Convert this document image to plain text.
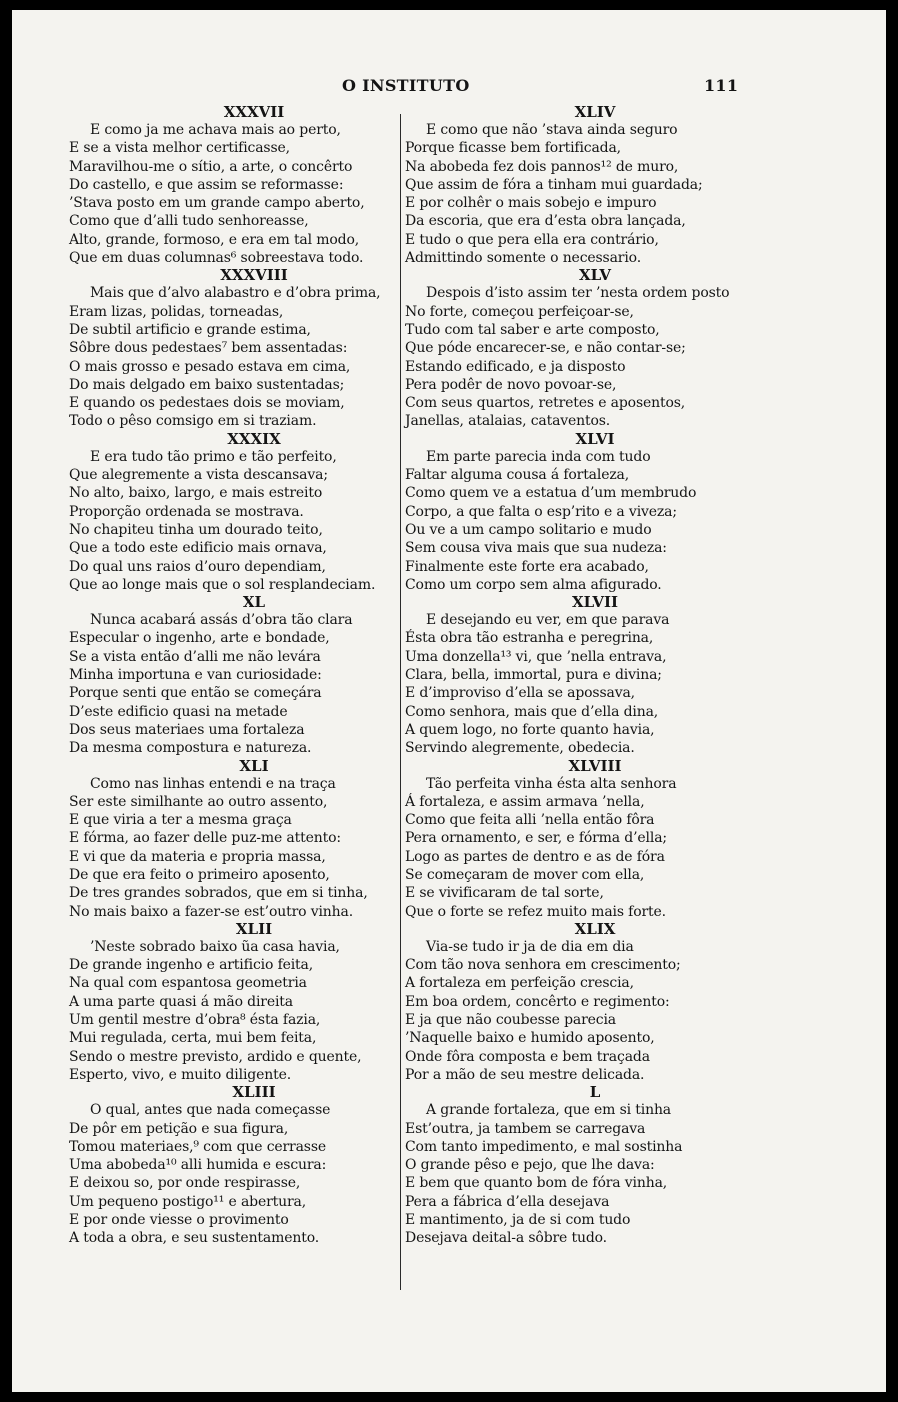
O INSTITUTO	111
XXXVII
E como ja me achava mais ao perto,
E se a vista melhor certificasse,
Maravilhou-me o sítio, a arte, o concêrto
Do castello, e que assim se reformasse:
’Stava posto em um grande campo aberto,
Como que d’alli tudo senhoreasse,
Alto, grande, formoso, e era em tal modo,
Que em duas columnas⁶ sobreestava todo.
XXXVIII
Mais que d’alvo alabastro e d’obra prima,
Eram lizas, polidas, torneadas,
De subtil artificio e grande estima,
Sôbre dous pedestaes⁷ bem assentadas:
O mais grosso e pesado estava em cima,
Do mais delgado em baixo sustentadas;
E quando os pedestaes dois se moviam,
Todo o pêso comsigo em si traziam.
XXXIX
E era tudo tão primo e tão perfeito,
Que alegremente a vista descansava;
No alto, baixo, largo, e mais estreito
Proporção ordenada se mostrava.
No chapiteu tinha um dourado teito,
Que a todo este edificio mais ornava,
Do qual uns raios d’ouro dependiam,
Que ao longe mais que o sol resplandeciam.
XL
Nunca acabará assás d’obra tão clara
Especular o ingenho, arte e bondade,
Se a vista então d’alli me não levára
Minha importuna e van curiosidade:
Porque senti que então se começára
D’este edificio quasi na metade
Dos seus materiaes uma fortaleza
Da mesma compostura e natureza.
XLI
Como nas linhas entendi e na traça
Ser este similhante ao outro assento,
E que viria a ter a mesma graça
E fórma, ao fazer delle puz-me attento:
E vi que da materia e propria massa,
De que era feito o primeiro aposento,
De tres grandes sobrados, que em si tinha,
No mais baixo a fazer-se est’outro vinha.
XLII
’Neste sobrado baixo ũa casa havia,
De grande ingenho e artificio feita,
Na qual com espantosa geometria
A uma parte quasi á mão direita
Um gentil mestre d’obra⁸ ésta fazia,
Mui regulada, certa, mui bem feita,
Sendo o mestre previsto, ardido e quente,
Esperto, vivo, e muito diligente.
XLIII
O qual, antes que nada começasse
De pôr em petição e sua figura,
Tomou materiaes,⁹ com que cerrasse
Uma abobeda¹⁰ alli humida e escura:
E deixou so, por onde respirasse,
Um pequeno postigo¹¹ e abertura,
E por onde viesse o provimento
A toda a obra, e seu sustentamento.
XLIV
E como que não ’stava ainda seguro
Porque ficasse bem fortificada,
Na abobeda fez dois pannos¹² de muro,
Que assim de fóra a tinham mui guardada;
E por colhêr o mais sobejo e impuro
Da escoria, que era d’esta obra lançada,
E tudo o que pera ella era contrário,
Admittindo somente o necessario.
XLV
Despois d’isto assim ter ’nesta ordem posto
No forte, começou perfeiçoar-se,
Tudo com tal saber e arte composto,
Que póde encarecer-se, e não contar-se;
Estando edificado, e ja disposto
Pera podêr de novo povoar-se,
Com seus quartos, retretes e aposentos,
Janellas, atalaias, cataventos.
XLVI
Em parte parecia inda com tudo
Faltar alguma cousa á fortaleza,
Como quem ve a estatua d’um membrudo
Corpo, a que falta o esp’rito e a viveza;
Ou ve a um campo solitario e mudo
Sem cousa viva mais que sua nudeza:
Finalmente este forte era acabado,
Como um corpo sem alma afigurado.
XLVII
E desejando eu ver, em que parava
Ésta obra tão estranha e peregrina,
Uma donzella¹³ vi, que ’nella entrava,
Clara, bella, immortal, pura e divina;
E d’improviso d’ella se apossava,
Como senhora, mais que d’ella dina,
A quem logo, no forte quanto havia,
Servindo alegremente, obedecia.
XLVIII
Tão perfeita vinha ésta alta senhora
Á fortaleza, e assim armava ’nella,
Como que feita alli ’nella então fôra
Pera ornamento, e ser, e fórma d’ella;
Logo as partes de dentro e as de fóra
Se começaram de mover com ella,
E se vivificaram de tal sorte,
Que o forte se refez muito mais forte.
XLIX
Via-se tudo ir ja de dia em dia
Com tão nova senhora em crescimento;
A fortaleza em perfeição crescia,
Em boa ordem, concêrto e regimento:
E ja que não coubesse parecia
’Naquelle baixo e humido aposento,
Onde fôra composta e bem traçada
Por a mão de seu mestre delicada.
L
A grande fortaleza, que em si tinha
Est’outra, ja tambem se carregava
Com tanto impedimento, e mal sostinha
O grande pêso e pejo, que lhe dava:
E bem que quanto bom de fóra vinha,
Pera a fábrica d’ella desejava
E mantimento, ja de si com tudo
Desejava deital-a sôbre tudo.
